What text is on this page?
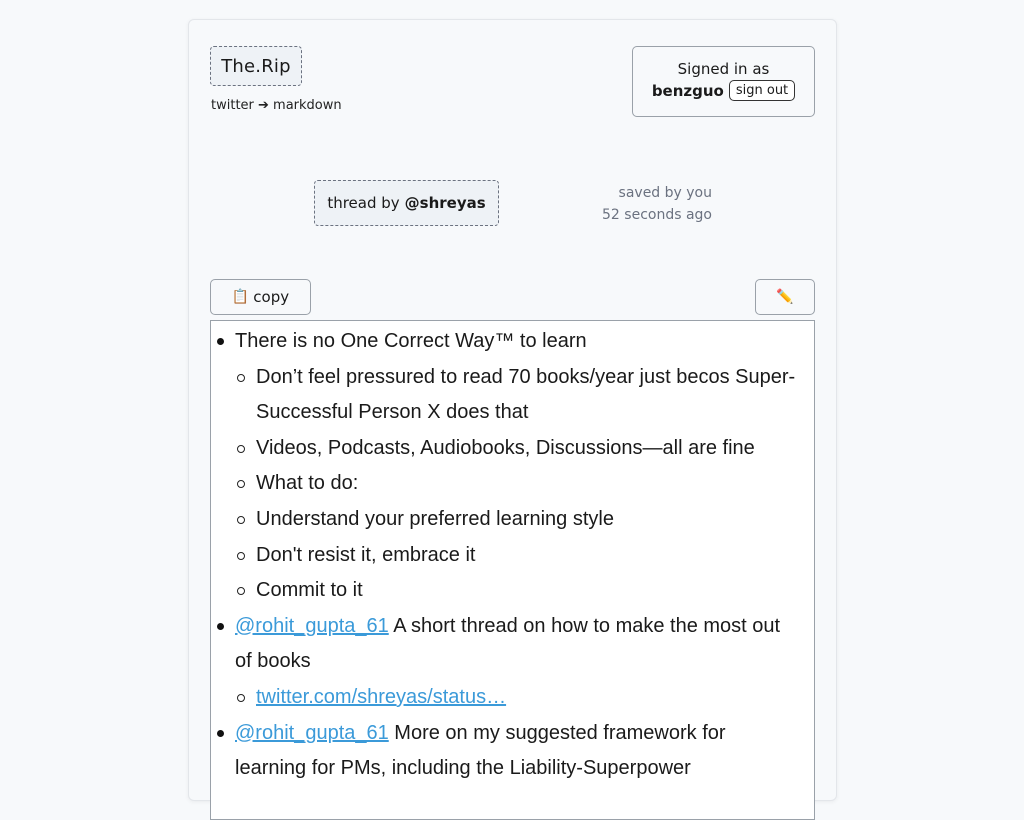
The.Rip
twitter ➔ markdown
Signed in as
benzguo sign out
thread by @shreyas
saved by you
52 seconds ago
📋 copy	✏️
There is no One Correct Way™ to learn
Don’t feel pressured to read 70 books/year just becos Super-Successful Person X does that
Videos, Podcasts, Audiobooks, Discussions—all are fine
What to do:
Understand your preferred learning style
Don't resist it, embrace it
Commit to it
@rohit_gupta_61 A short thread on how to make the most out of books
twitter.com/shreyas/status…
@rohit_gupta_61 More on my suggested framework for learning for PMs, including the Liability-Superpower
